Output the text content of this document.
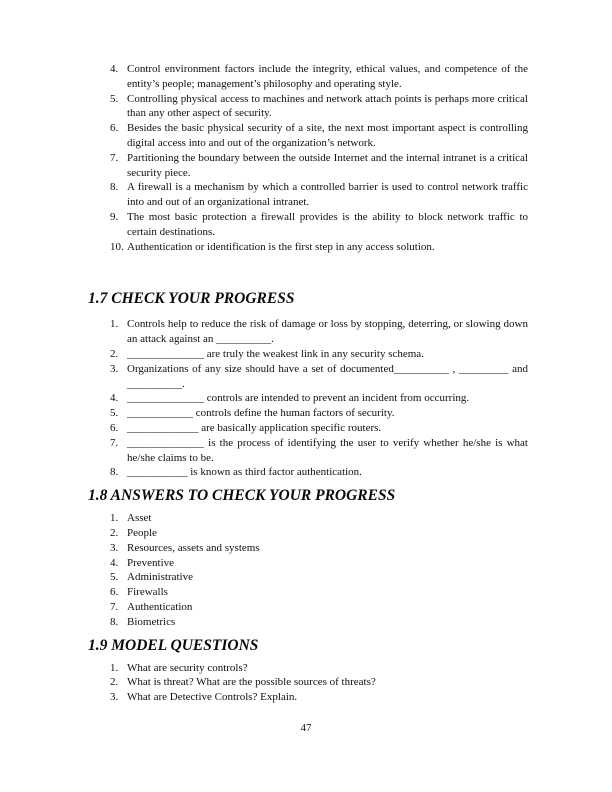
4. Control environment factors include the integrity, ethical values, and competence of the entity’s people; management’s philosophy and operating style.
5. Controlling physical access to machines and network attach points is perhaps more critical than any other aspect of security.
6. Besides the basic physical security of a site, the next most important aspect is controlling digital access into and out of the organization’s network.
7. Partitioning the boundary between the outside Internet and the internal intranet is a critical security piece.
8. A firewall is a mechanism by which a controlled barrier is used to control network traffic into and out of an organizational intranet.
9. The most basic protection a firewall provides is the ability to block network traffic to certain destinations.
10. Authentication or identification is the first step in any access solution.
1.7 CHECK YOUR PROGRESS
1. Controls help to reduce the risk of damage or loss by stopping, deterring, or slowing down an attack against an __________.
2. ______________ are truly the weakest link in any security schema.
3. Organizations of any size should have a set of documented__________ , _________ and __________.
4. ______________ controls are intended to prevent an incident from occurring.
5. ____________ controls define the human factors of security.
6. _____________ are basically application specific routers.
7. ______________ is the process of identifying the user to verify whether he/she is what he/she claims to be.
8. ___________ is known as third factor authentication.
1.8 ANSWERS TO CHECK YOUR PROGRESS
1. Asset
2. People
3. Resources, assets and systems
4. Preventive
5. Administrative
6. Firewalls
7. Authentication
8. Biometrics
1.9 MODEL QUESTIONS
1. What are security controls?
2. What is threat? What are the possible sources of threats?
3. What are Detective Controls? Explain.
47
